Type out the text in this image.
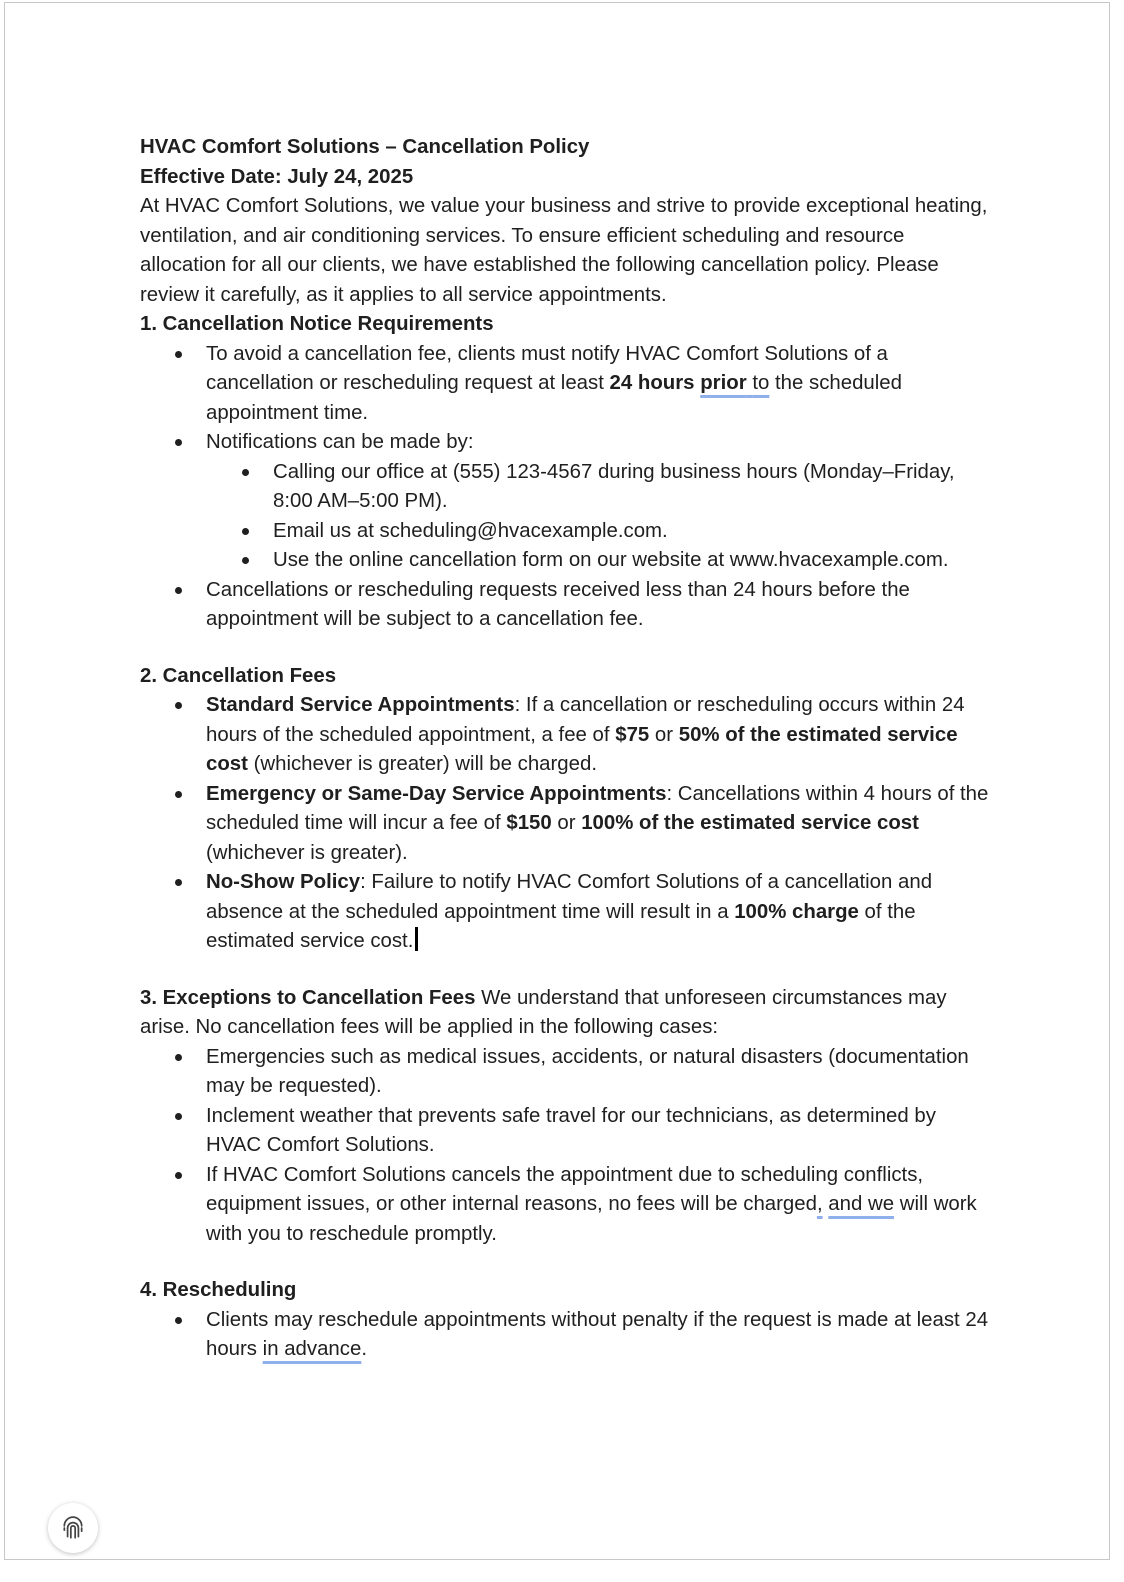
HVAC Comfort Solutions – Cancellation Policy

Effective Date: July 24, 2025

At HVAC Comfort Solutions, we value your business and strive to provide exceptional heating, ventilation, and air conditioning services. To ensure efficient scheduling and resource allocation for all our clients, we have established the following cancellation policy. Please review it carefully, as it applies to all service appointments.

1. Cancellation Notice Requirements

To avoid a cancellation fee, clients must notify HVAC Comfort Solutions of a cancellation or rescheduling request at least 24 hours prior to the scheduled appointment time.
Notifications can be made by:
Calling our office at (555) 123-4567 during business hours (Monday–Friday, 8:00 AM–5:00 PM).
Email us at scheduling@hvacexample.com.
Use the online cancellation form on our website at www.hvacexample.com.
Cancellations or rescheduling requests received less than 24 hours before the appointment will be subject to a cancellation fee.

2. Cancellation Fees

Standard Service Appointments: If a cancellation or rescheduling occurs within 24 hours of the scheduled appointment, a fee of $75 or 50% of the estimated service cost (whichever is greater) will be charged.
Emergency or Same-Day Service Appointments: Cancellations within 4 hours of the scheduled time will incur a fee of $150 or 100% of the estimated service cost (whichever is greater).
No-Show Policy: Failure to notify HVAC Comfort Solutions of a cancellation and absence at the scheduled appointment time will result in a 100% charge of the estimated service cost.

3. Exceptions to Cancellation Fees We understand that unforeseen circumstances may arise. No cancellation fees will be applied in the following cases:

Emergencies such as medical issues, accidents, or natural disasters (documentation may be requested).
Inclement weather that prevents safe travel for our technicians, as determined by HVAC Comfort Solutions.
If HVAC Comfort Solutions cancels the appointment due to scheduling conflicts, equipment issues, or other internal reasons, no fees will be charged, and we will work with you to reschedule promptly.

4. Rescheduling

Clients may reschedule appointments without penalty if the request is made at least 24 hours in advance.
